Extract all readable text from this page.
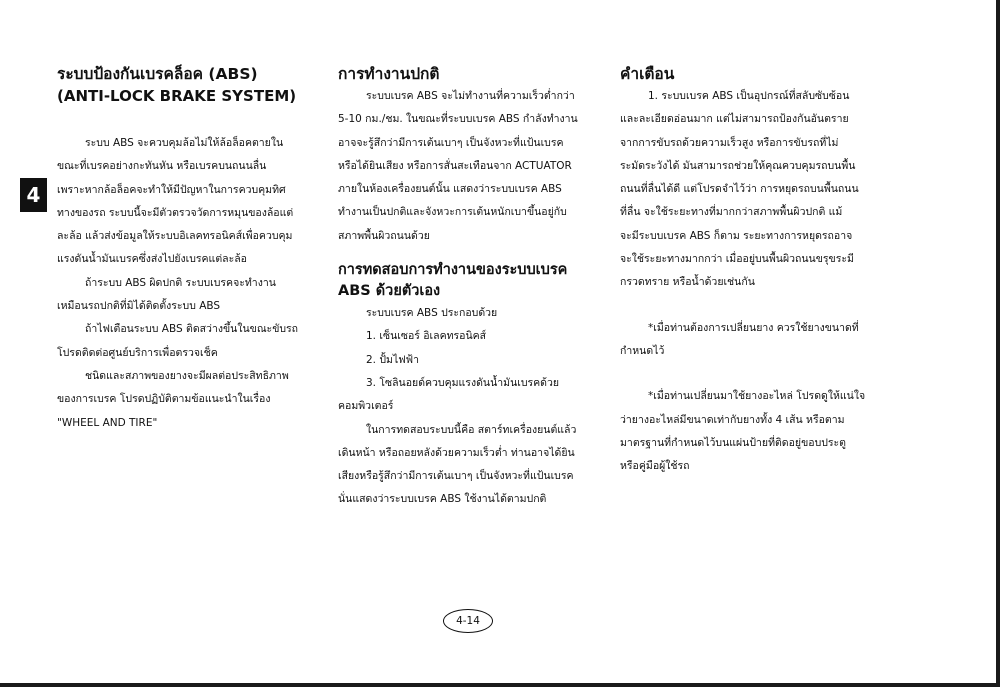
4

ระบบป้องกันเบรคล็อค (ABS)

(ANTI-LOCK BRAKE SYSTEM)

ระบบ ABS จะควบคุมล้อไม่ให้ล้อล็อคตายใน

ขณะที่เบรคอย่างกะทันหัน หรือเบรคบนถนนลื่น

เพราะหากล้อล็อคจะทำให้มีปัญหาในการควบคุมทิศ

ทางของรถ ระบบนี้จะมีตัวตรวจวัดการหมุนของล้อแต่

ละล้อ แล้วส่งข้อมูลให้ระบบอิเลคทรอนิคส์เพื่อควบคุม

แรงดันน้ำมันเบรคซึ่งส่งไปยังเบรคแต่ละล้อ

ถ้าระบบ ABS ผิดปกติ ระบบเบรคจะทำงาน

เหมือนรถปกติที่มิได้ติดตั้งระบบ ABS

ถ้าไฟเตือนระบบ ABS ติดสว่างขึ้นในขณะขับรถ

โปรดติดต่อศูนย์บริการเพื่อตรวจเช็ค

ชนิดและสภาพของยางจะมีผลต่อประสิทธิภาพ

ของการเบรค โปรดปฏิบัติตามข้อแนะนำในเรื่อง

"WHEEL AND TIRE"

การทำงานปกติ

ระบบเบรค ABS จะไม่ทำงานที่ความเร็วต่ำกว่า

5-10 กม./ชม. ในขณะที่ระบบเบรค ABS กำลังทำงาน

อาจจะรู้สึกว่ามีการเต้นเบาๆ เป็นจังหวะที่แป้นเบรค

หรือได้ยินเสียง หรือการสั่นสะเทือนจาก ACTUATOR

ภายในห้องเครื่องยนต์นั้น แสดงว่าระบบเบรค ABS

ทำงานเป็นปกติและจังหวะการเต้นหนักเบาขึ้นอยู่กับ

สภาพพื้นผิวถนนด้วย

การทดสอบการทำงานของระบบเบรค

ABS ด้วยตัวเอง

ระบบเบรค ABS ประกอบด้วย

1. เซ็นเซอร์ อิเลคทรอนิคส์

2. ปั้มไฟฟ้า

3. โซลินอยด์ควบคุมแรงดันน้ำมันเบรคด้วย

คอมพิวเตอร์

ในการทดสอบระบบนี้คือ สตาร์ทเครื่องยนต์แล้ว

เดินหน้า หรือถอยหลังด้วยความเร็วต่ำ ท่านอาจได้ยิน

เสียงหรือรู้สึกว่ามีการเต้นเบาๆ เป็นจังหวะที่แป้นเบรค

นั่นแสดงว่าระบบเบรค ABS ใช้งานได้ตามปกติ

คำเตือน

1. ระบบเบรค ABS เป็นอุปกรณ์ที่สลับซับซ้อน

และละเอียดอ่อนมาก แต่ไม่สามารถป้องกันอันตราย

จากการขับรถด้วยความเร็วสูง หรือการขับรถที่ไม่

ระมัดระวังได้ มันสามารถช่วยให้คุณควบคุมรถบนพื้น

ถนนที่ลื่นได้ดี แต่โปรดจำไว้ว่า การหยุดรถบนพื้นถนน

ที่ลื่น จะใช้ระยะทางที่มากกว่าสภาพพื้นผิวปกติ แม้

จะมีระบบเบรค ABS ก็ตาม ระยะทางการหยุดรถอาจ

จะใช้ระยะทางมากกว่า เมื่ออยู่บนพื้นผิวถนนขรุขระมี

กรวดทราย หรือน้ำด้วยเช่นกัน

*เมื่อท่านต้องการเปลี่ยนยาง ควรใช้ยางขนาดที่

กำหนดไว้

*เมื่อท่านเปลี่ยนมาใช้ยางอะไหล่ โปรดดูให้แน่ใจ

ว่ายางอะไหล่มีขนาดเท่ากับยางทั้ง 4 เส้น หรือตาม

มาตรฐานที่กำหนดไว้บนแผ่นป้ายที่ติดอยู่ขอบประตู

หรือคู่มือผู้ใช้รถ

4-14
